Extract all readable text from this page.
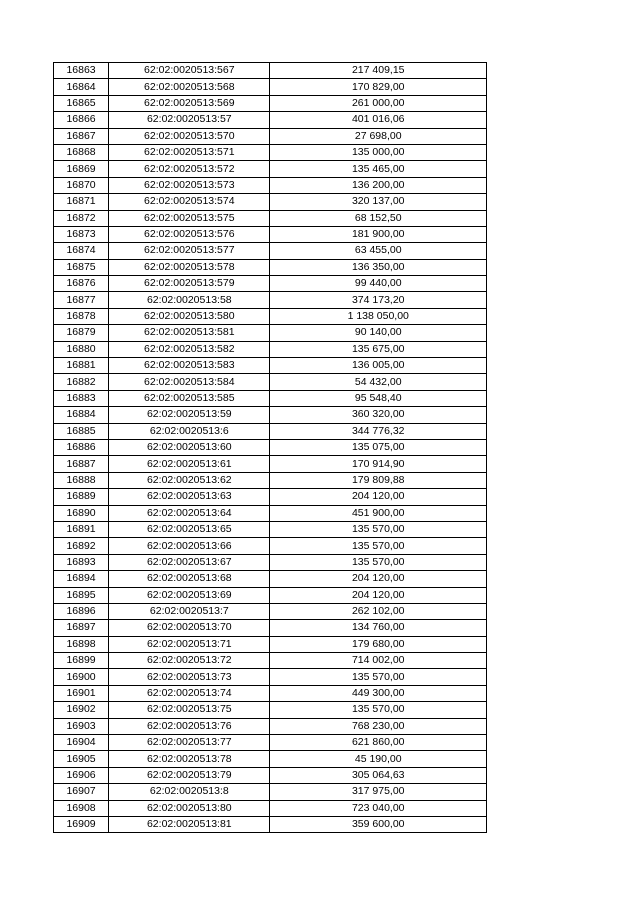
16863	62:02:0020513:567	217 409,15
16864	62:02:0020513:568	170 829,00
16865	62:02:0020513:569	261 000,00
16866	62:02:0020513:57	401 016,06
16867	62:02:0020513:570	27 698,00
16868	62:02:0020513:571	135 000,00
16869	62:02:0020513:572	135 465,00
16870	62:02:0020513:573	136 200,00
16871	62:02:0020513:574	320 137,00
16872	62:02:0020513:575	68 152,50
16873	62:02:0020513:576	181 900,00
16874	62:02:0020513:577	63 455,00
16875	62:02:0020513:578	136 350,00
16876	62:02:0020513:579	99 440,00
16877	62:02:0020513:58	374 173,20
16878	62:02:0020513:580	1 138 050,00
16879	62:02:0020513:581	90 140,00
16880	62:02:0020513:582	135 675,00
16881	62:02:0020513:583	136 005,00
16882	62:02:0020513:584	54 432,00
16883	62:02:0020513:585	95 548,40
16884	62:02:0020513:59	360 320,00
16885	62:02:0020513:6	344 776,32
16886	62:02:0020513:60	135 075,00
16887	62:02:0020513:61	170 914,90
16888	62:02:0020513:62	179 809,88
16889	62:02:0020513:63	204 120,00
16890	62:02:0020513:64	451 900,00
16891	62:02:0020513:65	135 570,00
16892	62:02:0020513:66	135 570,00
16893	62:02:0020513:67	135 570,00
16894	62:02:0020513:68	204 120,00
16895	62:02:0020513:69	204 120,00
16896	62:02:0020513:7	262 102,00
16897	62:02:0020513:70	134 760,00
16898	62:02:0020513:71	179 680,00
16899	62:02:0020513:72	714 002,00
16900	62:02:0020513:73	135 570,00
16901	62:02:0020513:74	449 300,00
16902	62:02:0020513:75	135 570,00
16903	62:02:0020513:76	768 230,00
16904	62:02:0020513:77	621 860,00
16905	62:02:0020513:78	45 190,00
16906	62:02:0020513:79	305 064,63
16907	62:02:0020513:8	317 975,00
16908	62:02:0020513:80	723 040,00
16909	62:02:0020513:81	359 600,00
